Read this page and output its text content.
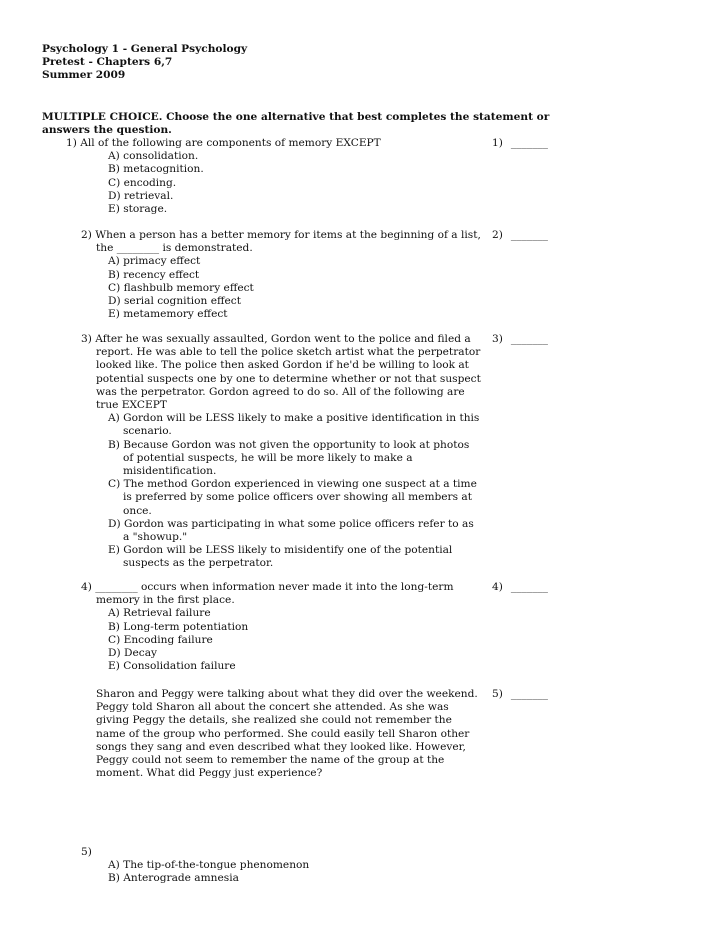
Psychology 1 - General Psychology
Pretest - Chapters 6,7
Summer 2009
MULTIPLE CHOICE. Choose the one alternative that best completes the statement or answers the question.
1) All of the following are components of memory EXCEPT
A) consolidation.
B) metacognition.
C) encoding.
D) retrieval.
E) storage.
1) _______
2) When a person has a better memory for items at the beginning of a list, the ________ is demonstrated.
A) primacy effect
B) recency effect
C) flashbulb memory effect
D) serial cognition effect
E) metamemory effect
2) _______
3) After he was sexually assaulted, Gordon went to the police and filed a report. He was able to tell the police sketch artist what the perpetrator looked like. The police then asked Gordon if he'd be willing to look at potential suspects one by one to determine whether or not that suspect was the perpetrator. Gordon agreed to do so. All of the following are true EXCEPT
A) Gordon will be LESS likely to make a positive identification in this scenario.
B) Because Gordon was not given the opportunity to look at photos of potential suspects, he will be more likely to make a misidentification.
C) The method Gordon experienced in viewing one suspect at a time is preferred by some police officers over showing all members at once.
D) Gordon was participating in what some police officers refer to as a "showup."
E) Gordon will be LESS likely to misidentify one of the potential suspects as the perpetrator.
3) _______
4) ________ occurs when information never made it into the long-term memory in the first place.
A) Retrieval failure
B) Long-term potentiation
C) Encoding failure
D) Decay
E) Consolidation failure
4) _______
Sharon and Peggy were talking about what they did over the weekend. Peggy told Sharon all about the concert she attended. As she was giving Peggy the details, she realized she could not remember the name of the group who performed. She could easily tell Sharon other songs they sang and even described what they looked like. However, Peggy could not seem to remember the name of the group at the moment. What did Peggy just experience?
5) _______
5)
A) The tip-of-the-tongue phenomenon
B) Anterograde amnesia
